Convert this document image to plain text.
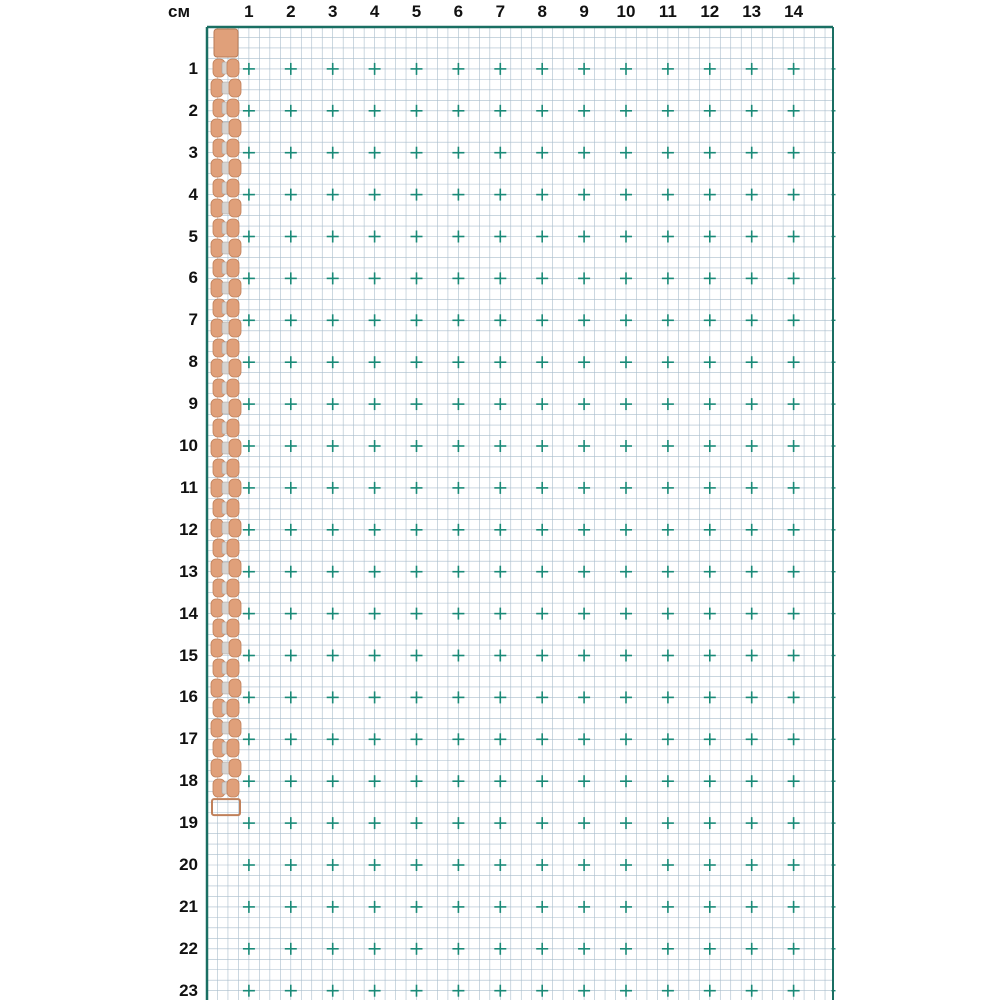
см	1	2	3	4	5	6	7	8	9	10	11	12	13	14
1
2
3
4
5
6
7
8
9
10
11
12
13
14
15
16
17
18
19
20
21
22
23
